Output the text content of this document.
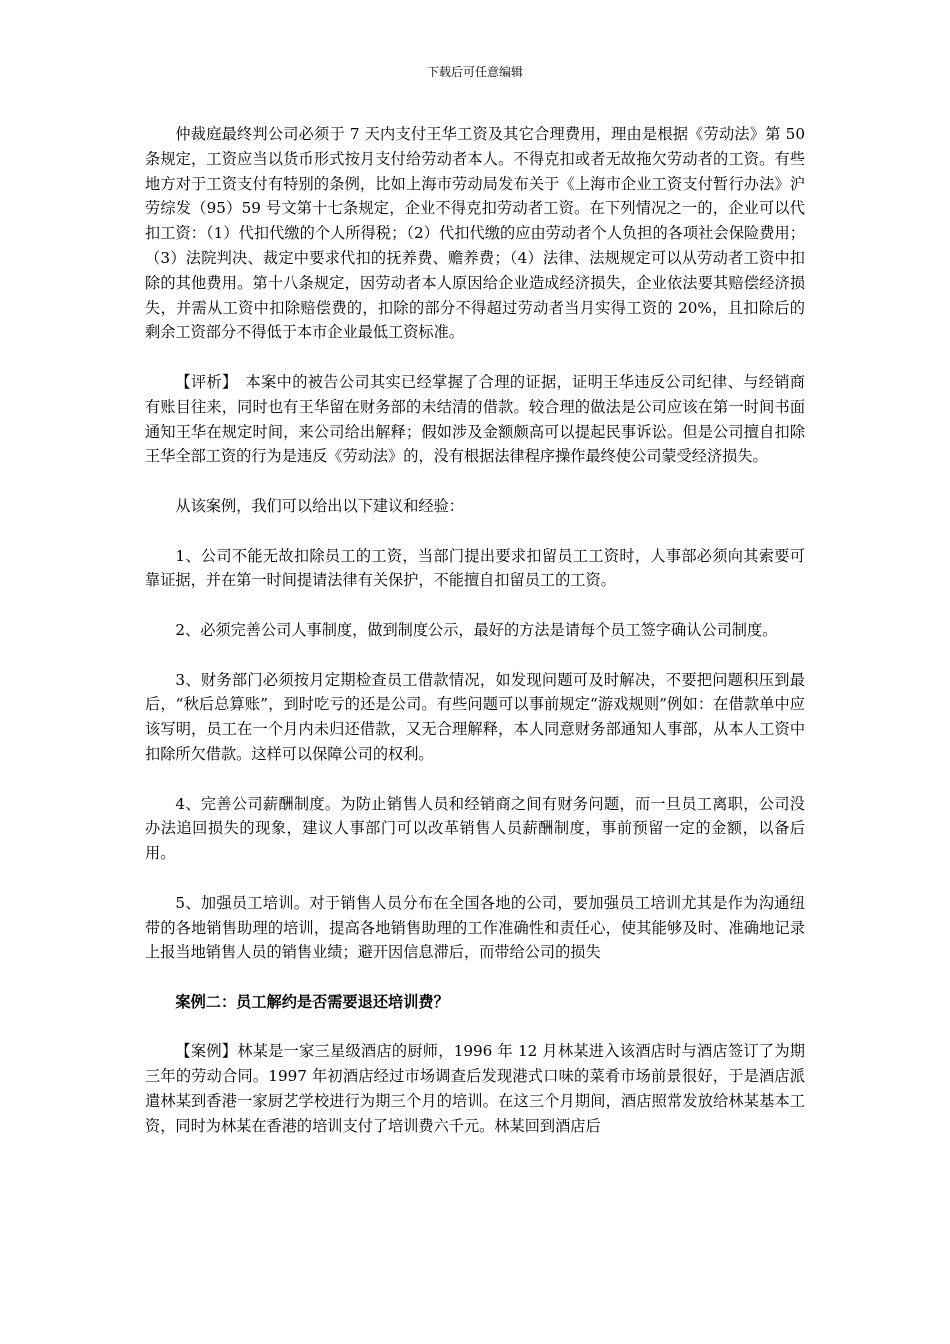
下载后可任意编辑

仲裁庭最终判公司必须于 7 天内支付王华工资及其它合理费用，理由是根据《劳动法》第 50 条规定，工资应当以货币形式按月支付给劳动者本人。不得克扣或者无故拖欠劳动者的工资。有些地方对于工资支付有特别的条例，比如上海市劳动局发布关于《上海市企业工资支付暂行办法》沪劳综发（95）59 号文第十七条规定，企业不得克扣劳动者工资。在下列情况之一的，企业可以代扣工资：（1）代扣代缴的个人所得税；（2）代扣代缴的应由劳动者个人负担的各项社会保险费用；（3）法院判决、裁定中要求代扣的抚养费、赡养费；（4）法律、法规规定可以从劳动者工资中扣除的其他费用。第十八条规定，因劳动者本人原因给企业造成经济损失，企业依法要其赔偿经济损失，并需从工资中扣除赔偿费的，扣除的部分不得超过劳动者当月实得工资的 20%，且扣除后的剩余工资部分不得低于本市企业最低工资标准。

【评析】　本案中的被告公司其实已经掌握了合理的证据，证明王华违反公司纪律、与经销商有账目往来，同时也有王华留在财务部的未结清的借款。较合理的做法是公司应该在第一时间书面通知王华在规定时间，来公司给出解释；假如涉及金额颇高可以提起民事诉讼。但是公司擅自扣除王华全部工资的行为是违反《劳动法》的，没有根据法律程序操作最终使公司蒙受经济损失。

从该案例，我们可以给出以下建议和经验：

1、公司不能无故扣除员工的工资，当部门提出要求扣留员工工资时，人事部必须向其索要可靠证据，并在第一时间提请法律有关保护，不能擅自扣留员工的工资。

2、必须完善公司人事制度，做到制度公示，最好的方法是请每个员工签字确认公司制度。

3、财务部门必须按月定期检查员工借款情况，如发现问题可及时解决，不要把问题积压到最后，“秋后总算账”，到时吃亏的还是公司。有些问题可以事前规定“游戏规则”例如：在借款单中应该写明，员工在一个月内未归还借款，又无合理解释，本人同意财务部通知人事部，从本人工资中扣除所欠借款。这样可以保障公司的权利。

4、完善公司薪酬制度。为防止销售人员和经销商之间有财务问题，而一旦员工离职，公司没办法追回损失的现象，建议人事部门可以改革销售人员薪酬制度，事前预留一定的金额，以备后用。

5、加强员工培训。对于销售人员分布在全国各地的公司，要加强员工培训尤其是作为沟通纽带的各地销售助理的培训，提高各地销售助理的工作准确性和责任心，使其能够及时、准确地记录上报当地销售人员的销售业绩；避开因信息滞后，而带给公司的损失

案例二：员工解约是否需要退还培训费？

【案例】林某是一家三星级酒店的厨师，1996 年 12 月林某进入该酒店时与酒店签订了为期三年的劳动合同。1997 年初酒店经过市场调查后发现港式口味的菜肴市场前景很好，于是酒店派遣林某到香港一家厨艺学校进行为期三个月的培训。在这三个月期间，酒店照常发放给林某基本工资，同时为林某在香港的培训支付了培训费六千元。林某回到酒店后
